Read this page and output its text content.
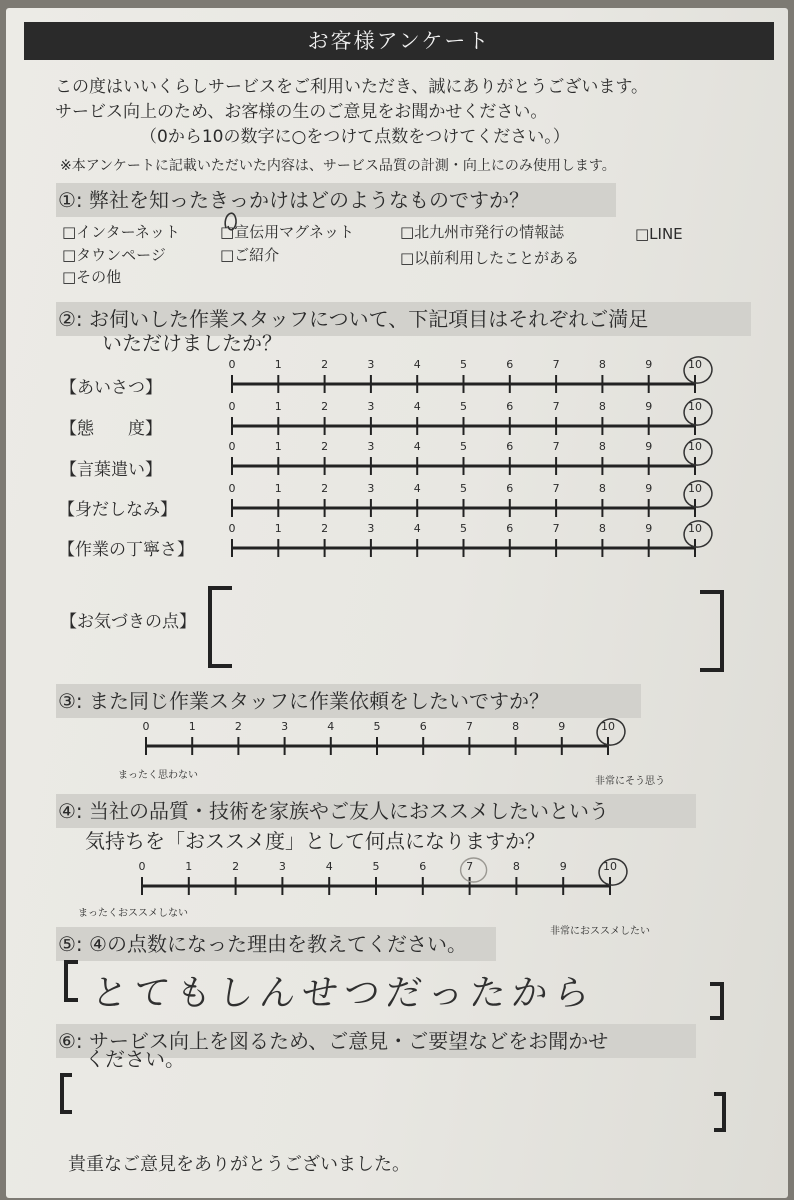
お客様アンケート
この度はいいくらしサービスをご利用いただき、誠にありがとうございます。
サービス向上のため、お客様の生のご意見をお聞かせください。
（0から10の数字に○をつけて点数をつけてください。）
※本アンケートに記載いただいた内容は、サービス品質の計測・向上にのみ使用します。
①: 弊社を知ったきっかけはどのようなものですか？
□インターネット	□宣伝用マグネット	□北九州市発行の情報誌	□LINE
□タウンページ	□ご紹介	□以前利用したことがある
□その他
②: お伺いした作業スタッフについて、下記項目はそれぞれご満足
いただけましたか？
【あいさつ】
【態　　度】
【言葉遣い】
【身だしなみ】
【作業の丁寧さ】
【お気づきの点】
③: また同じ作業スタッフに作業依頼をしたいですか？
まったく思わない
非常にそう思う
④: 当社の品質・技術を家族やご友人におススメしたいという
気持ちを「おススメ度」として何点になりますか？
まったくおススメしない
非常におススメしたい
⑤: ④の点数になった理由を教えてください。
とてもしんせつだったから
⑥: サービス向上を図るため、ご意見・ご要望などをお聞かせ
ください。
貴重なご意見をありがとうございました。
0	1	2	3	4	5	6	7	8	9	10
0	1	2	3	4	5	6	7	8	9	10
0	1	2	3	4	5	6	7	8	9	10
0	1	2	3	4	5	6	7	8	9	10
0	1	2	3	4	5	6	7	8	9	10
0	1	2	3	4	5	6	7	8	9	10
0	1	2	3	4	5	6	7	8	9	10
